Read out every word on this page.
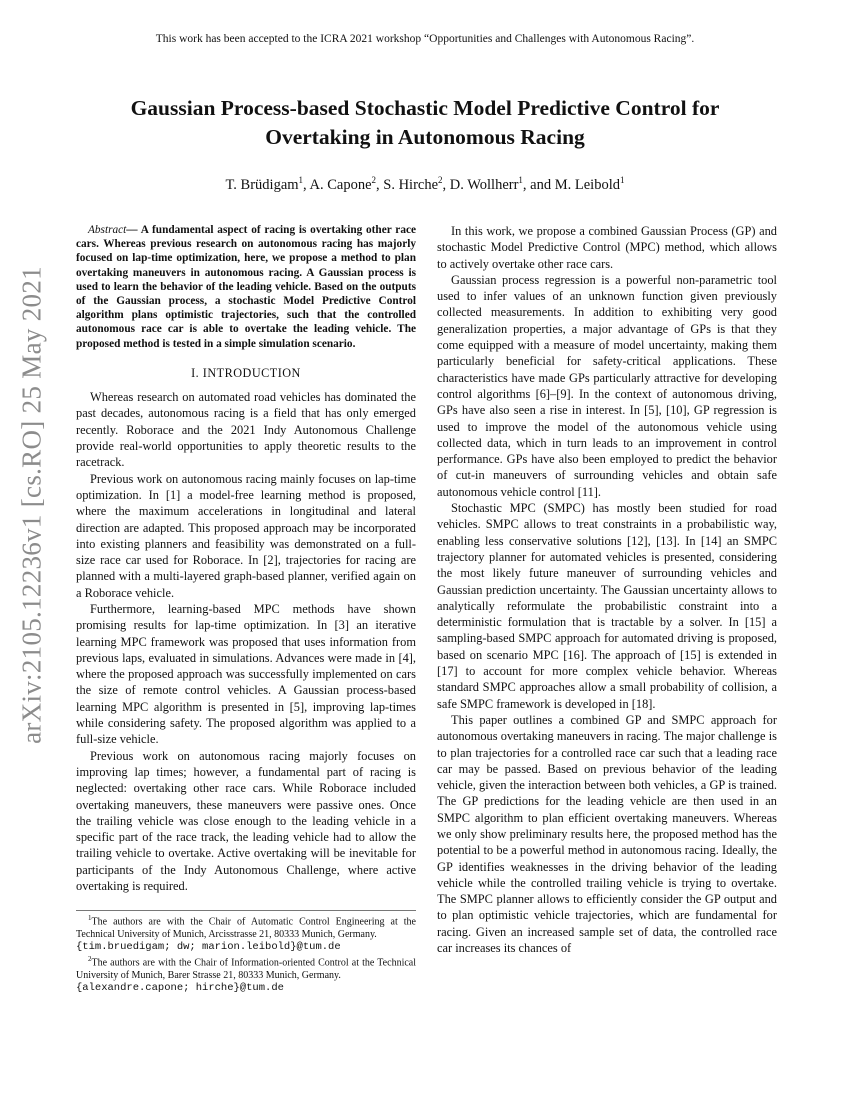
This work has been accepted to the ICRA 2021 workshop “Opportunities and Challenges with Autonomous Racing”.
arXiv:2105.12236v1 [cs.RO] 25 May 2021
Gaussian Process-based Stochastic Model Predictive Control for Overtaking in Autonomous Racing
T. Brüdigam$^1$, A. Capone$^2$, S. Hirche$^2$, D. Wollherr$^1$, and M. Leibold$^1$

Abstract— A fundamental aspect of racing is overtaking other race cars. Whereas previous research on autonomous racing has majorly focused on lap-time optimization, here, we propose a method to plan overtaking maneuvers in autonomous racing. A Gaussian process is used to learn the behavior of the leading vehicle. Based on the outputs of the Gaussian process, a stochastic Model Predictive Control algorithm plans optimistic trajectories, such that the controlled autonomous race car is able to overtake the leading vehicle. The proposed method is tested in a simple simulation scenario.

I. INTRODUCTION

Whereas research on automated road vehicles has dominated the past decades, autonomous racing is a field that has only emerged recently. Roborace and the 2021 Indy Autonomous Challenge provide real-world opportunities to apply theoretic results to the racetrack.

Previous work on autonomous racing mainly focuses on lap-time optimization. In [1] a model-free learning method is proposed, where the maximum accelerations in longitudinal and lateral direction are adapted. This proposed approach may be incorporated into existing planners and feasibility was demonstrated on a full-size race car used for Roborace. In [2], trajectories for racing are planned with a multi-layered graph-based planner, verified again on a Roborace vehicle.

Furthermore, learning-based MPC methods have shown promising results for lap-time optimization. In [3] an iterative learning MPC framework was proposed that uses information from previous laps, evaluated in simulations. Advances were made in [4], where the proposed approach was successfully implemented on cars the size of remote control vehicles. A Gaussian process-based learning MPC algorithm is presented in [5], improving lap-times while considering safety. The proposed algorithm was applied to a full-size vehicle.

Previous work on autonomous racing majorly focuses on improving lap times; however, a fundamental part of racing is neglected: overtaking other race cars. While Roborace included overtaking maneuvers, these maneuvers were passive ones. Once the trailing vehicle was close enough to the leading vehicle in a specific part of the race track, the leading vehicle had to allow the trailing vehicle to overtake. Active overtaking will be inevitable for participants of the Indy Autonomous Challenge, where active overtaking is required.

$^1$The authors are with the Chair of Automatic Control Engineering at the Technical University of Munich, Arcisstrasse 21, 80333 Munich, Germany.
{tim.bruedigam; dw; marion.leibold}@tum.de

$^2$The authors are with the Chair of Information-oriented Control at the Technical University of Munich, Barer Strasse 21, 80333 Munich, Germany.
{alexandre.capone; hirche}@tum.de

In this work, we propose a combined Gaussian Process (GP) and stochastic Model Predictive Control (MPC) method, which allows to actively overtake other race cars.

Gaussian process regression is a powerful non-parametric tool used to infer values of an unknown function given previously collected measurements. In addition to exhibiting very good generalization properties, a major advantage of GPs is that they come equipped with a measure of model uncertainty, making them particularly beneficial for safety-critical applications. These characteristics have made GPs particularly attractive for developing control algorithms [6]–[9]. In the context of autonomous driving, GPs have also seen a rise in interest. In [5], [10], GP regression is used to improve the model of the autonomous vehicle using collected data, which in turn leads to an improvement in control performance. GPs have also been employed to predict the behavior of cut-in maneuvers of surrounding vehicles and obtain safe autonomous vehicle control [11].

Stochastic MPC (SMPC) has mostly been studied for road vehicles. SMPC allows to treat constraints in a probabilistic way, enabling less conservative solutions [12], [13]. In [14] an SMPC trajectory planner for automated vehicles is presented, considering the most likely future maneuver of surrounding vehicles and Gaussian prediction uncertainty. The Gaussian uncertainty allows to analytically reformulate the probabilistic constraint into a deterministic formulation that is tractable by a solver. In [15] a sampling-based SMPC approach for automated driving is proposed, based on scenario MPC [16]. The approach of [15] is extended in [17] to account for more complex vehicle behavior. Whereas standard SMPC approaches allow a small probability of collision, a safe SMPC framework is developed in [18].

This paper outlines a combined GP and SMPC approach for autonomous overtaking maneuvers in racing. The major challenge is to plan trajectories for a controlled race car such that a leading race car may be passed. Based on previous behavior of the leading vehicle, given the interaction between both vehicles, a GP is trained. The GP predictions for the leading vehicle are then used in an SMPC algorithm to plan efficient overtaking maneuvers. Whereas we only show preliminary results here, the proposed method has the potential to be a powerful method in autonomous racing. Ideally, the GP identifies weaknesses in the driving behavior of the leading vehicle while the controlled trailing vehicle is trying to overtake. The SMPC planner allows to efficiently consider the GP output and to plan optimistic vehicle trajectories, which are fundamental for racing. Given an increased sample set of data, the controlled race car increases its chances of
